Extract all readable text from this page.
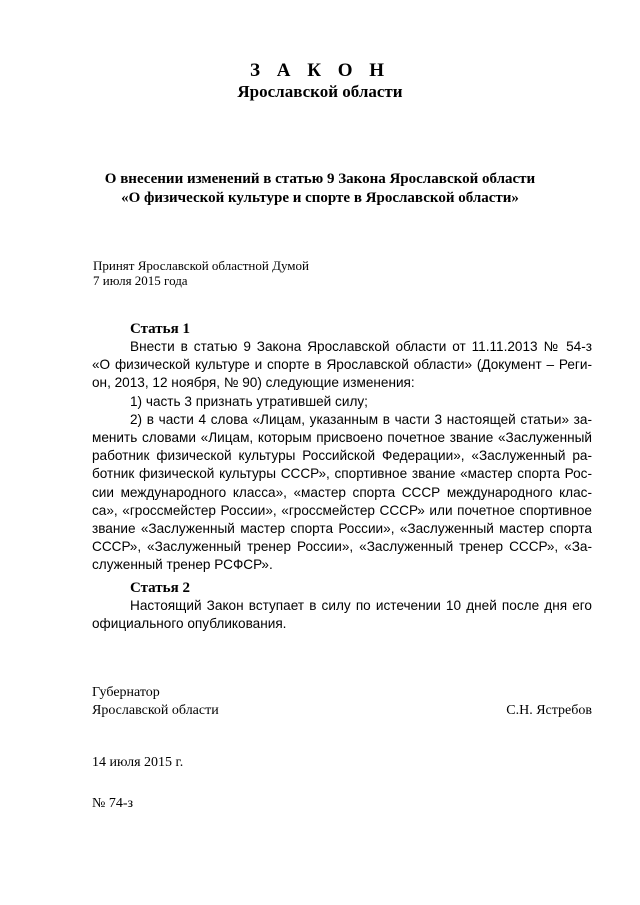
З А К О Н

Ярославской области

О внесении изменений в статью 9 Закона Ярославской области
«О физической культуре и спорте в Ярославской области»

Принят Ярославской областной Думой
7 июля 2015 года

Статья 1

Внести в статью 9 Закона Ярославской области от 11.11.2013 № 54-з
«О физической культуре и спорте в Ярославской области» (Документ – Реги-
он, 2013, 12 ноября, № 90) следующие изменения:
1) часть 3 признать утратившей силу;
2) в части 4 слова «Лицам, указанным в части 3 настоящей статьи» за-
менить словами «Лицам, которым присвоено почетное звание «Заслуженный
работник физической культуры Российской Федерации», «Заслуженный ра-
ботник физической культуры СССР», спортивное звание «мастер спорта Рос-
сии международного класса», «мастер спорта СССР международного клас-
са», «гроссмейстер России», «гроссмейстер СССР» или почетное спортивное
звание «Заслуженный мастер спорта России», «Заслуженный мастер спорта
СССР», «Заслуженный тренер России», «Заслуженный тренер СССР», «За-
служенный тренер РСФСР».

Статья 2

Настоящий Закон вступает в силу по истечении 10 дней после дня его
официального опубликования.
Губернатор
Ярославской области	С.Н. Ястребов

14 июля 2015 г.

№ 74-з
